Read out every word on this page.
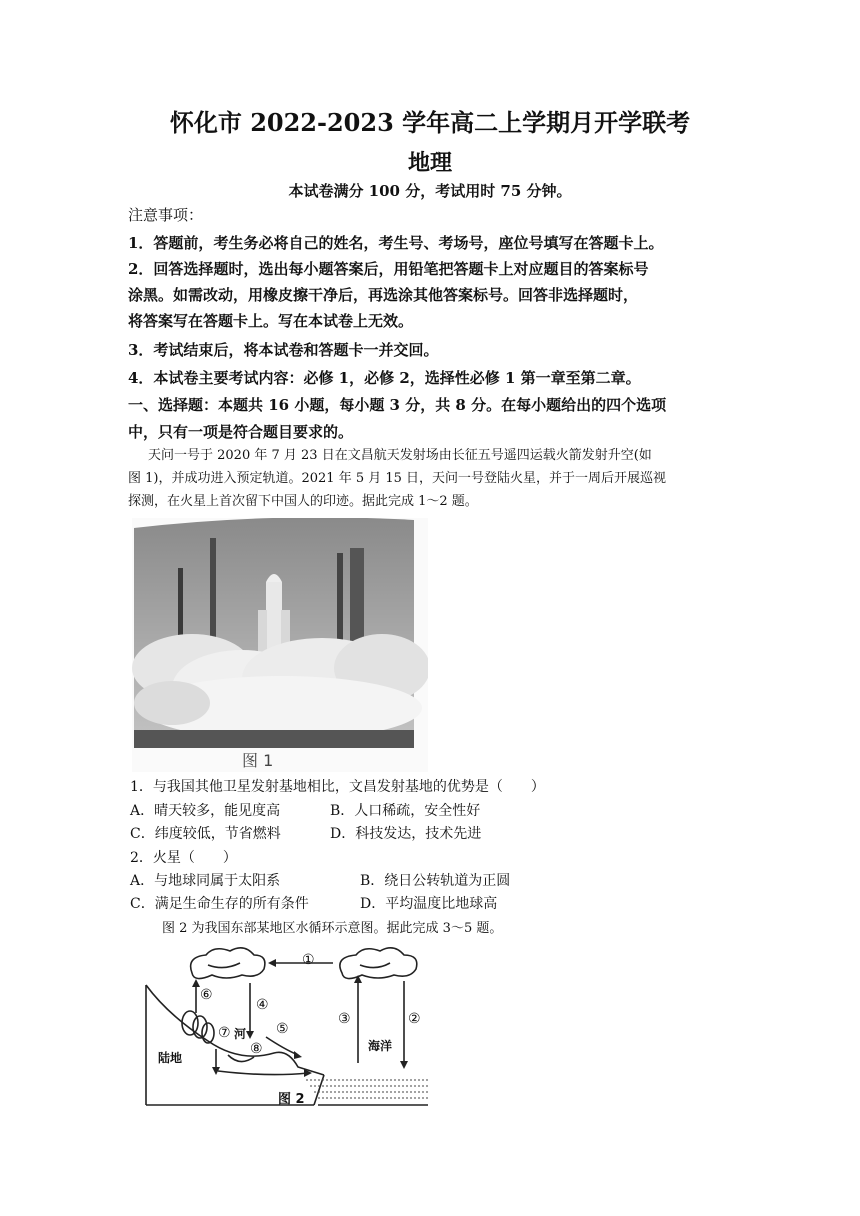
怀化市 2022-2023 学年高二上学期月开学联考
地理
本试卷满分 100 分，考试用时 75 分钟。
注意事项：
1．答题前，考生务必将自己的姓名，考生号、考场号，座位号填写在答题卡上。
2．回答选择题时，选出每小题答案后，用铅笔把答题卡上对应题目的答案标号
涂黑。如需改动，用橡皮擦干净后，再选涂其他答案标号。回答非选择题时，
将答案写在答题卡上。写在本试卷上无效。
3．考试结束后，将本试卷和答题卡一并交回。
4．本试卷主要考试内容：必修 1，必修 2，选择性必修 1 第一章至第二章。
一、选择题：本题共 16 小题，每小题 3 分，共 8 分。在每小题给出的四个选项
中，只有一项是符合题目要求的。
天问一号于 2020 年 7 月 23 日在文昌航天发射场由长征五号遥四运载火箭发射升空(如
图 1)，并成功进入预定轨道。2021 年 5 月 15 日，天问一号登陆火星，并于一周后开展巡视
探测，在火星上首次留下中国人的印迹。据此完成 1～2 题。
图 1
1．与我国其他卫星发射基地相比，文昌发射基地的优势是（　　）
A．晴天较多，能见度高	B．人口稀疏，安全性好
C．纬度较低，节省燃料	D．科技发达，技术先进
2．火星（　　）
A．与地球同属于太阳系	B．绕日公转轨道为正圆
C．满足生命生存的所有条件	D．平均温度比地球高
图 2 为我国东部某地区水循环示意图。据此完成 3～5 题。
①
②
③
④
⑤
⑥
⑦
⑧
河
陆地
海洋
图 2
